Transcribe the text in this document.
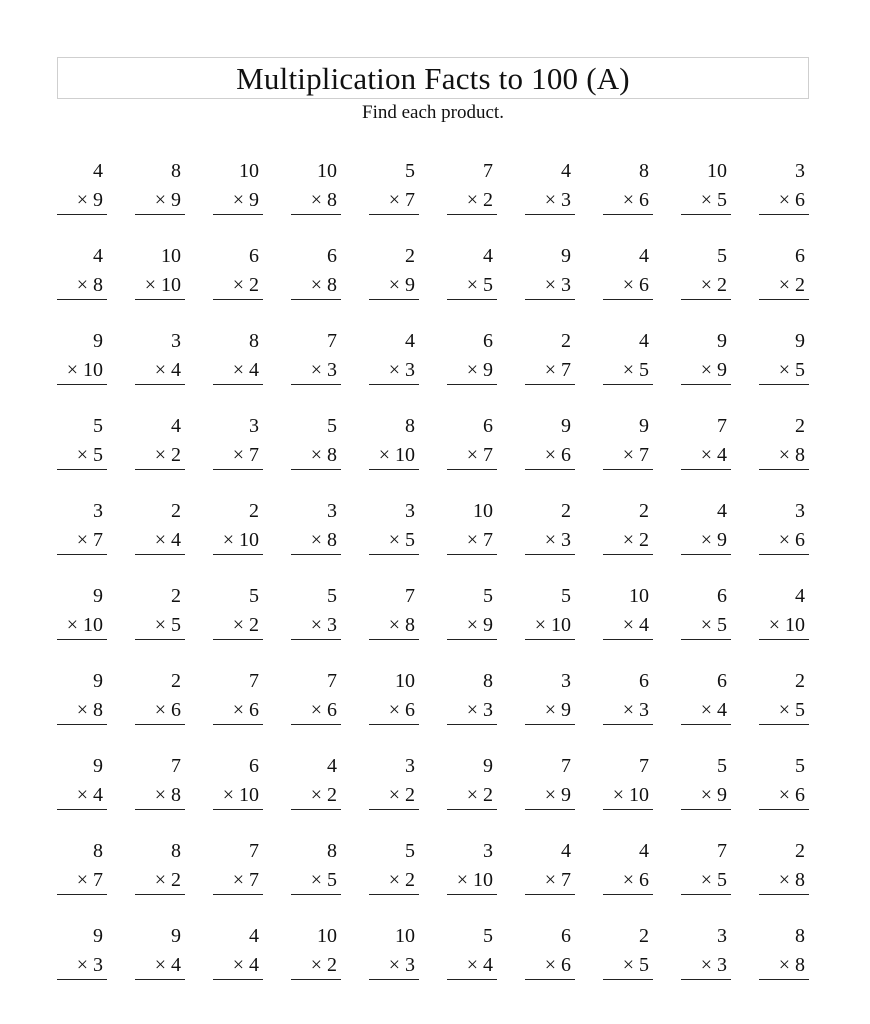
Multiplication Facts to 100 (A)

Find each product.

4
× 9
8
× 9
10
× 9
10
× 8
5
× 7
7
× 2
4
× 3
8
× 6
10
× 5
3
× 6
4
× 8
10
× 10
6
× 2
6
× 8
2
× 9
4
× 5
9
× 3
4
× 6
5
× 2
6
× 2
9
× 10
3
× 4
8
× 4
7
× 3
4
× 3
6
× 9
2
× 7
4
× 5
9
× 9
9
× 5
5
× 5
4
× 2
3
× 7
5
× 8
8
× 10
6
× 7
9
× 6
9
× 7
7
× 4
2
× 8
3
× 7
2
× 4
2
× 10
3
× 8
3
× 5
10
× 7
2
× 3
2
× 2
4
× 9
3
× 6
9
× 10
2
× 5
5
× 2
5
× 3
7
× 8
5
× 9
5
× 10
10
× 4
6
× 5
4
× 10
9
× 8
2
× 6
7
× 6
7
× 6
10
× 6
8
× 3
3
× 9
6
× 3
6
× 4
2
× 5
9
× 4
7
× 8
6
× 10
4
× 2
3
× 2
9
× 2
7
× 9
7
× 10
5
× 9
5
× 6
8
× 7
8
× 2
7
× 7
8
× 5
5
× 2
3
× 10
4
× 7
4
× 6
7
× 5
2
× 8
9
× 3
9
× 4
4
× 4
10
× 2
10
× 3
5
× 4
6
× 6
2
× 5
3
× 3
8
× 8
